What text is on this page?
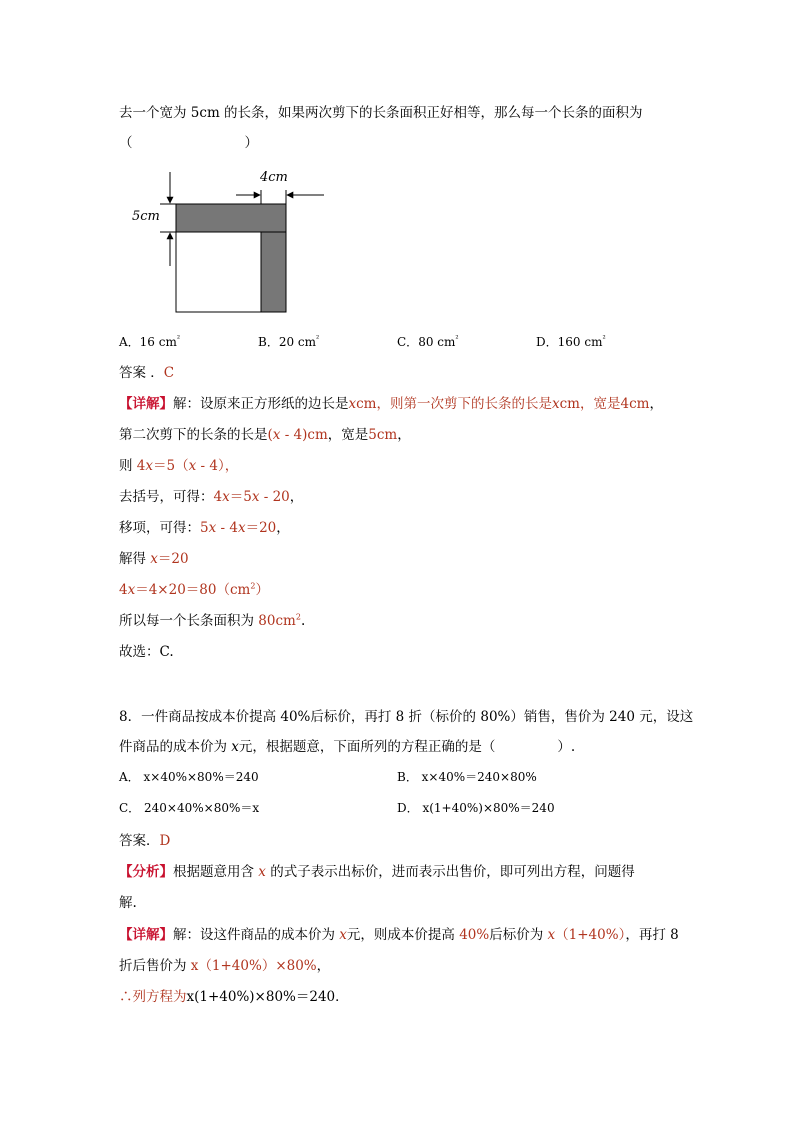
去一个宽为 5cm 的长条，如果两次剪下的长条面积正好相等，那么每一个长条的面积为
（	）
4cm
5cm
A．16 $cm^{^2}$	B．20 $cm^{^2}$	C．80 $cm^{^2}$	D．160 $cm^{^2}$
答案 ．C
【详解】解：设原来正方形纸的边长是xcm，则第一次剪下的长条的长是xcm，宽是4cm，
第二次剪下的长条的长是(x - 4)cm，宽是5cm，
则 4x＝5（x - 4），
去括号，可得：4x＝5x - 20，
移项，可得：5x - 4x＝20，
解得 x＝20
$4x=4\times 20=80(cm^2)$
所以每一个长条面积为 $80cm^2$.
故选：C.
8．一件商品按成本价提高 40%后标价，再打 8 折（标价的 80%）销售，售价为 240 元，设这
件商品的成本价为 x元，根据题意，下面所列的方程正确的是（	）.
A． x×40%×80%＝240	B． x×40%＝240×80%
C． 240×40%×80%＝x	D． x(1+40%)×80%＝240
答案．D
【分析】根据题意用含 x 的式子表示出标价，进而表示出售价，即可列出方程，问题得
解.
【详解】解：设这件商品的成本价为 x元，则成本价提高 40%后标价为 x（1+40%），再打 8
折后售价为 x（1+40%）×80%，
∴列方程为x(1+40%)×80%＝240．
